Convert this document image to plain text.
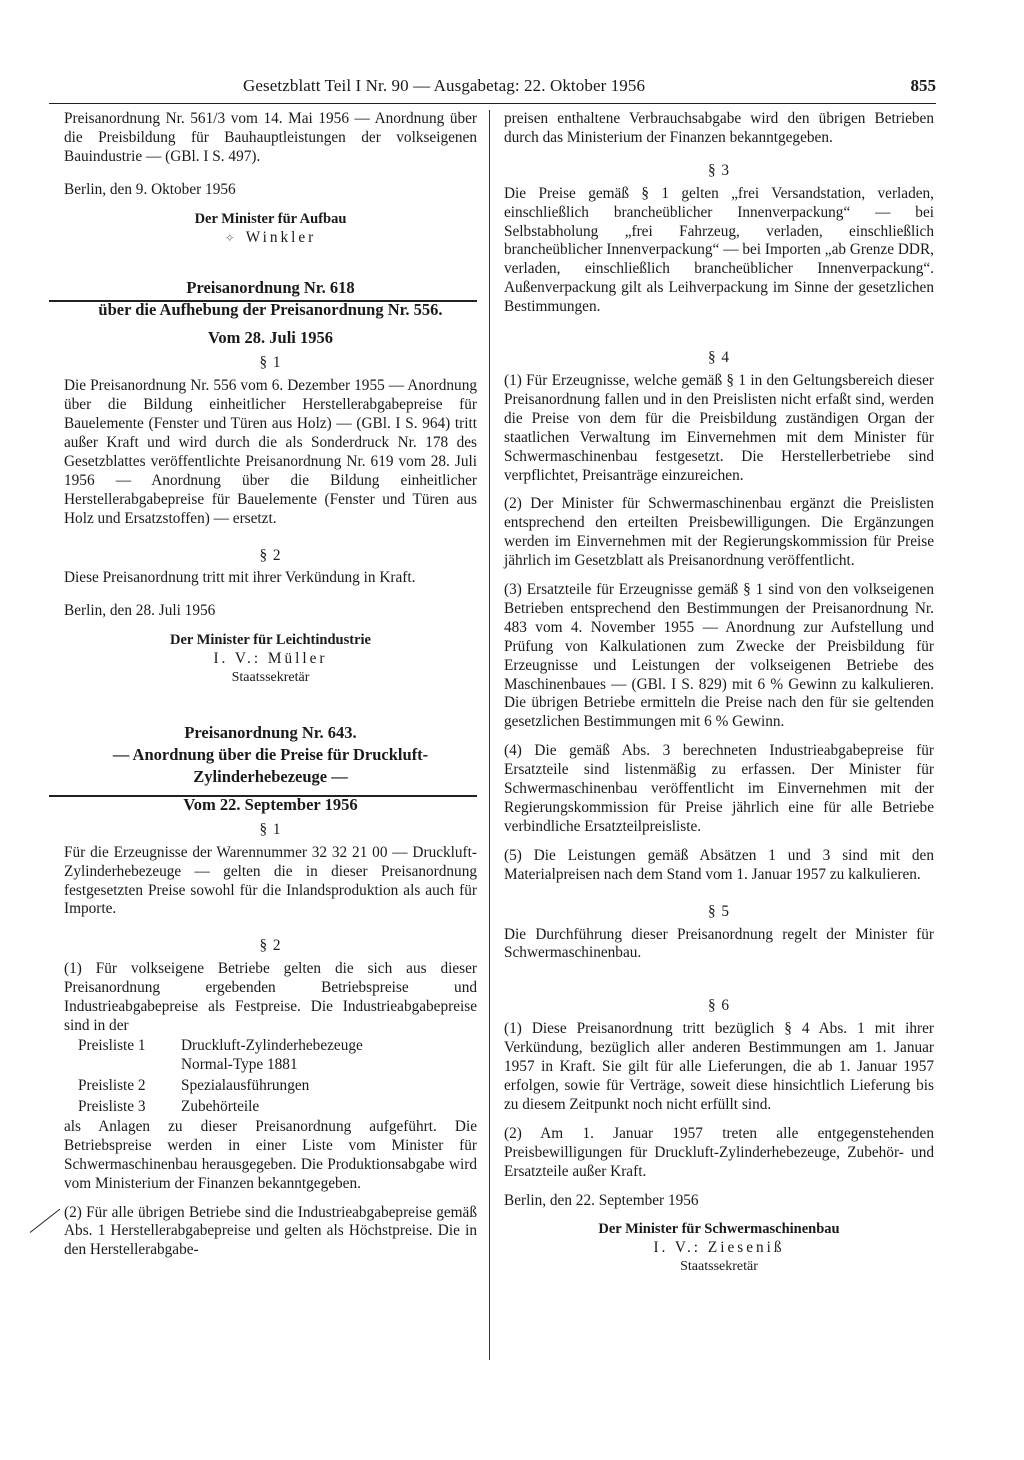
Gesetzblatt Teil I Nr. 90 — Ausgabetag: 22. Oktober 1956	855

Preisanordnung Nr. 561/3 vom 14. Mai 1956 — Anordnung über die Preisbildung für Bauhauptleistungen der volkseigenen Bauindustrie — (GBl. I S. 497).

Berlin, den 9. Oktober 1956

Der Minister für Aufbau

✧ Winkler

Preisanordnung Nr. 618

über die Aufhebung der Preisanordnung Nr. 556.

Vom 28. Juli 1956

§ 1

Die Preisanordnung Nr. 556 vom 6. Dezember 1955 — Anordnung über die Bildung einheitlicher Herstellerabgabepreise für Bauelemente (Fenster und Türen aus Holz) — (GBl. I S. 964) tritt außer Kraft und wird durch die als Sonderdruck Nr. 178 des Gesetzblattes veröffentlichte Preisanordnung Nr. 619 vom 28. Juli 1956 — Anordnung über die Bildung einheitlicher Herstellerabgabepreise für Bauelemente (Fenster und Türen aus Holz und Ersatzstoffen) — ersetzt.

§ 2

Diese Preisanordnung tritt mit ihrer Verkündung in Kraft.

Berlin, den 28. Juli 1956

Der Minister für Leichtindustrie

I. V.: Müller

Staatssekretär

Preisanordnung Nr. 643.

— Anordnung über die Preise für Druckluft-

Zylinderhebezeuge —

Vom 22. September 1956

§ 1

Für die Erzeugnisse der Warennummer 32 32 21 00 — Druckluft-Zylinderhebezeuge — gelten die in dieser Preisanordnung festgesetzten Preise sowohl für die Inlandsproduktion als auch für Importe.

§ 2

(1) Für volkseigene Betriebe gelten die sich aus dieser Preisanordnung ergebenden Betriebspreise und Industrieabgabepreise als Festpreise. Die Industrieabgabepreise sind in der

Preisliste 1	Druckluft-Zylinderhebezeuge Normal-Type 1881
Preisliste 2	Spezialausführungen
Preisliste 3	Zubehörteile

als Anlagen zu dieser Preisanordnung aufgeführt. Die Betriebspreise werden in einer Liste vom Minister für Schwermaschinenbau herausgegeben. Die Produktionsabgabe wird vom Ministerium der Finanzen bekanntgegeben.

(2) Für alle übrigen Betriebe sind die Industrieabgabepreise gemäß Abs. 1 Herstellerabgabepreise und gelten als Höchstpreise. Die in den Herstellerabgabe-

preisen enthaltene Verbrauchsabgabe wird den übrigen Betrieben durch das Ministerium der Finanzen bekanntgegeben.

§ 3

Die Preise gemäß § 1 gelten „frei Versandstation, verladen, einschließlich brancheüblicher Innenverpackung“ — bei Selbstabholung „frei Fahrzeug, verladen, einschließlich brancheüblicher Innenverpackung“ — bei Importen „ab Grenze DDR, verladen, einschließlich brancheüblicher Innenverpackung“. Außenverpackung gilt als Leihverpackung im Sinne der gesetzlichen Bestimmungen.

§ 4

(1) Für Erzeugnisse, welche gemäß § 1 in den Geltungsbereich dieser Preisanordnung fallen und in den Preislisten nicht erfaßt sind, werden die Preise von dem für die Preisbildung zuständigen Organ der staatlichen Verwaltung im Einvernehmen mit dem Minister für Schwermaschinenbau festgesetzt. Die Herstellerbetriebe sind verpflichtet, Preisanträge einzureichen.

(2) Der Minister für Schwermaschinenbau ergänzt die Preislisten entsprechend den erteilten Preisbewilligungen. Die Ergänzungen werden im Einvernehmen mit der Regierungskommission für Preise jährlich im Gesetzblatt als Preisanordnung veröffentlicht.

(3) Ersatzteile für Erzeugnisse gemäß § 1 sind von den volkseigenen Betrieben entsprechend den Bestimmungen der Preisanordnung Nr. 483 vom 4. November 1955 — Anordnung zur Aufstellung und Prüfung von Kalkulationen zum Zwecke der Preisbildung für Erzeugnisse und Leistungen der volkseigenen Betriebe des Maschinenbaues — (GBl. I S. 829) mit 6 % Gewinn zu kalkulieren. Die übrigen Betriebe ermitteln die Preise nach den für sie geltenden gesetzlichen Bestimmungen mit 6 % Gewinn.

(4) Die gemäß Abs. 3 berechneten Industrieabgabepreise für Ersatzteile sind listenmäßig zu erfassen. Der Minister für Schwermaschinenbau veröffentlicht im Einvernehmen mit der Regierungskommission für Preise jährlich eine für alle Betriebe verbindliche Ersatzteilpreisliste.

(5) Die Leistungen gemäß Absätzen 1 und 3 sind mit den Materialpreisen nach dem Stand vom 1. Januar 1957 zu kalkulieren.

§ 5

Die Durchführung dieser Preisanordnung regelt der Minister für Schwermaschinenbau.

§ 6

(1) Diese Preisanordnung tritt bezüglich § 4 Abs. 1 mit ihrer Verkündung, bezüglich aller anderen Bestimmungen am 1. Januar 1957 in Kraft. Sie gilt für alle Lieferungen, die ab 1. Januar 1957 erfolgen, sowie für Verträge, soweit diese hinsichtlich Lieferung bis zu diesem Zeitpunkt noch nicht erfüllt sind.

(2) Am 1. Januar 1957 treten alle entgegenstehenden Preisbewilligungen für Druckluft-Zylinderhebezeuge, Zubehör- und Ersatzteile außer Kraft.

Berlin, den 22. September 1956

Der Minister für Schwermaschinenbau

I. V.: Ziesenіß

Staatssekretär
